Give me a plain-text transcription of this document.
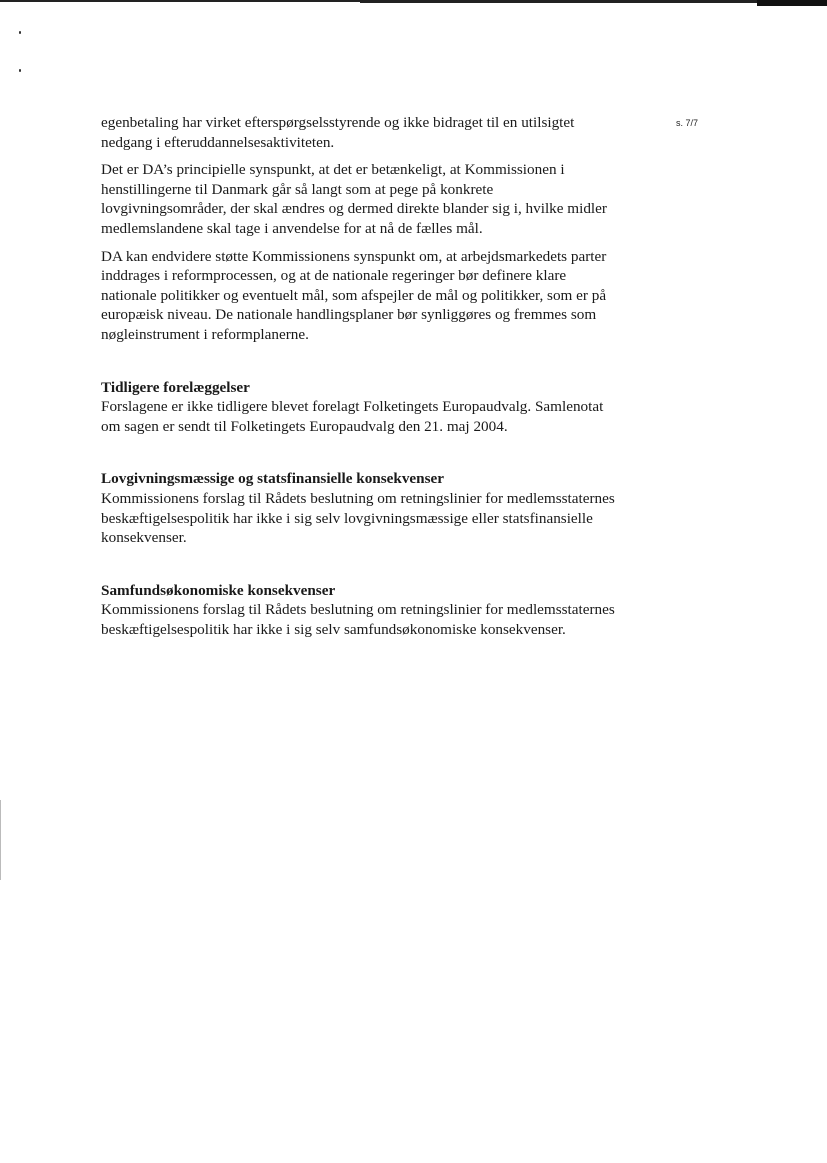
s. 7/7

egenbetaling har virket efterspørgselsstyrende og ikke bidraget til en utilsigtet nedgang i efteruddannelsesaktiviteten.

Det er DA’s principielle synspunkt, at det er betænkeligt, at Kommissionen i henstillingerne til Danmark går så langt som at pege på konkrete lovgivningsområder, der skal ændres og dermed direkte blander sig i, hvilke midler medlemslandene skal tage i anvendelse for at nå de fælles mål.

DA kan endvidere støtte Kommissionens synspunkt om, at arbejdsmarkedets parter inddrages i reformprocessen, og at de nationale regeringer bør definere klare nationale politikker og eventuelt mål, som afspejler de mål og politikker, som er på europæisk niveau. De nationale handlingsplaner bør synliggøres og fremmes som nøgleinstrument i reformplanerne.

Tidligere forelæggelser

Forslagene er ikke tidligere blevet forelagt Folketingets Europaudvalg. Samlenotat om sagen er sendt til Folketingets Europaudvalg den 21. maj 2004.

Lovgivningsmæssige og statsfinansielle konsekvenser

Kommissionens forslag til Rådets beslutning om retningslinier for medlemsstaternes beskæftigelsespolitik har ikke i sig selv lovgivningsmæssige eller statsfinansielle konsekvenser.

Samfundsøkonomiske konsekvenser

Kommissionens forslag til Rådets beslutning om retningslinier for medlemsstaternes beskæftigelsespolitik har ikke i sig selv samfundsøkonomiske konsekvenser.
